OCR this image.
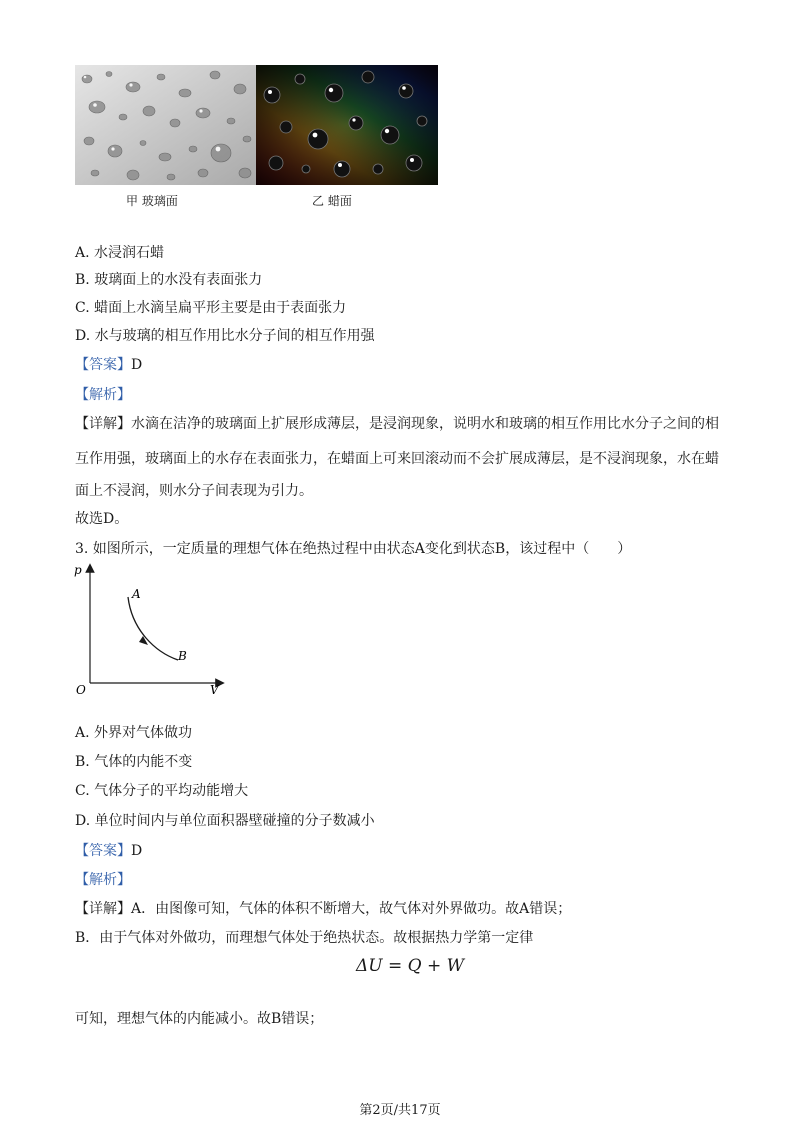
甲 玻璃面	乙 蜡面
A. 水浸润石蜡
B. 玻璃面上的水没有表面张力
C. 蜡面上水滴呈扁平形主要是由于表面张力
D. 水与玻璃的相互作用比水分子间的相互作用强
【答案】D
【解析】
【详解】水滴在洁净的玻璃面上扩展形成薄层，是浸润现象，说明水和玻璃的相互作用比水分子之间的相
互作用强，玻璃面上的水存在表面张力，在蜡面上可来回滚动而不会扩展成薄层，是不浸润现象，水在蜡
面上不浸润，则水分子间表现为引力。
故选D。
3. 如图所示，一定质量的理想气体在绝热过程中由状态A变化到状态B，该过程中（　　）
p
V
O
A
B
A. 外界对气体做功
B. 气体的内能不变
C. 气体分子的平均动能增大
D. 单位时间内与单位面积器壁碰撞的分子数减小
【答案】D
【解析】
【详解】A．由图像可知，气体的体积不断增大，故气体对外界做功。故A错误；
B．由于气体对外做功，而理想气体处于绝热状态。故根据热力学第一定律
ΔU = Q + W
可知，理想气体的内能减小。故B错误；
第2页/共17页
